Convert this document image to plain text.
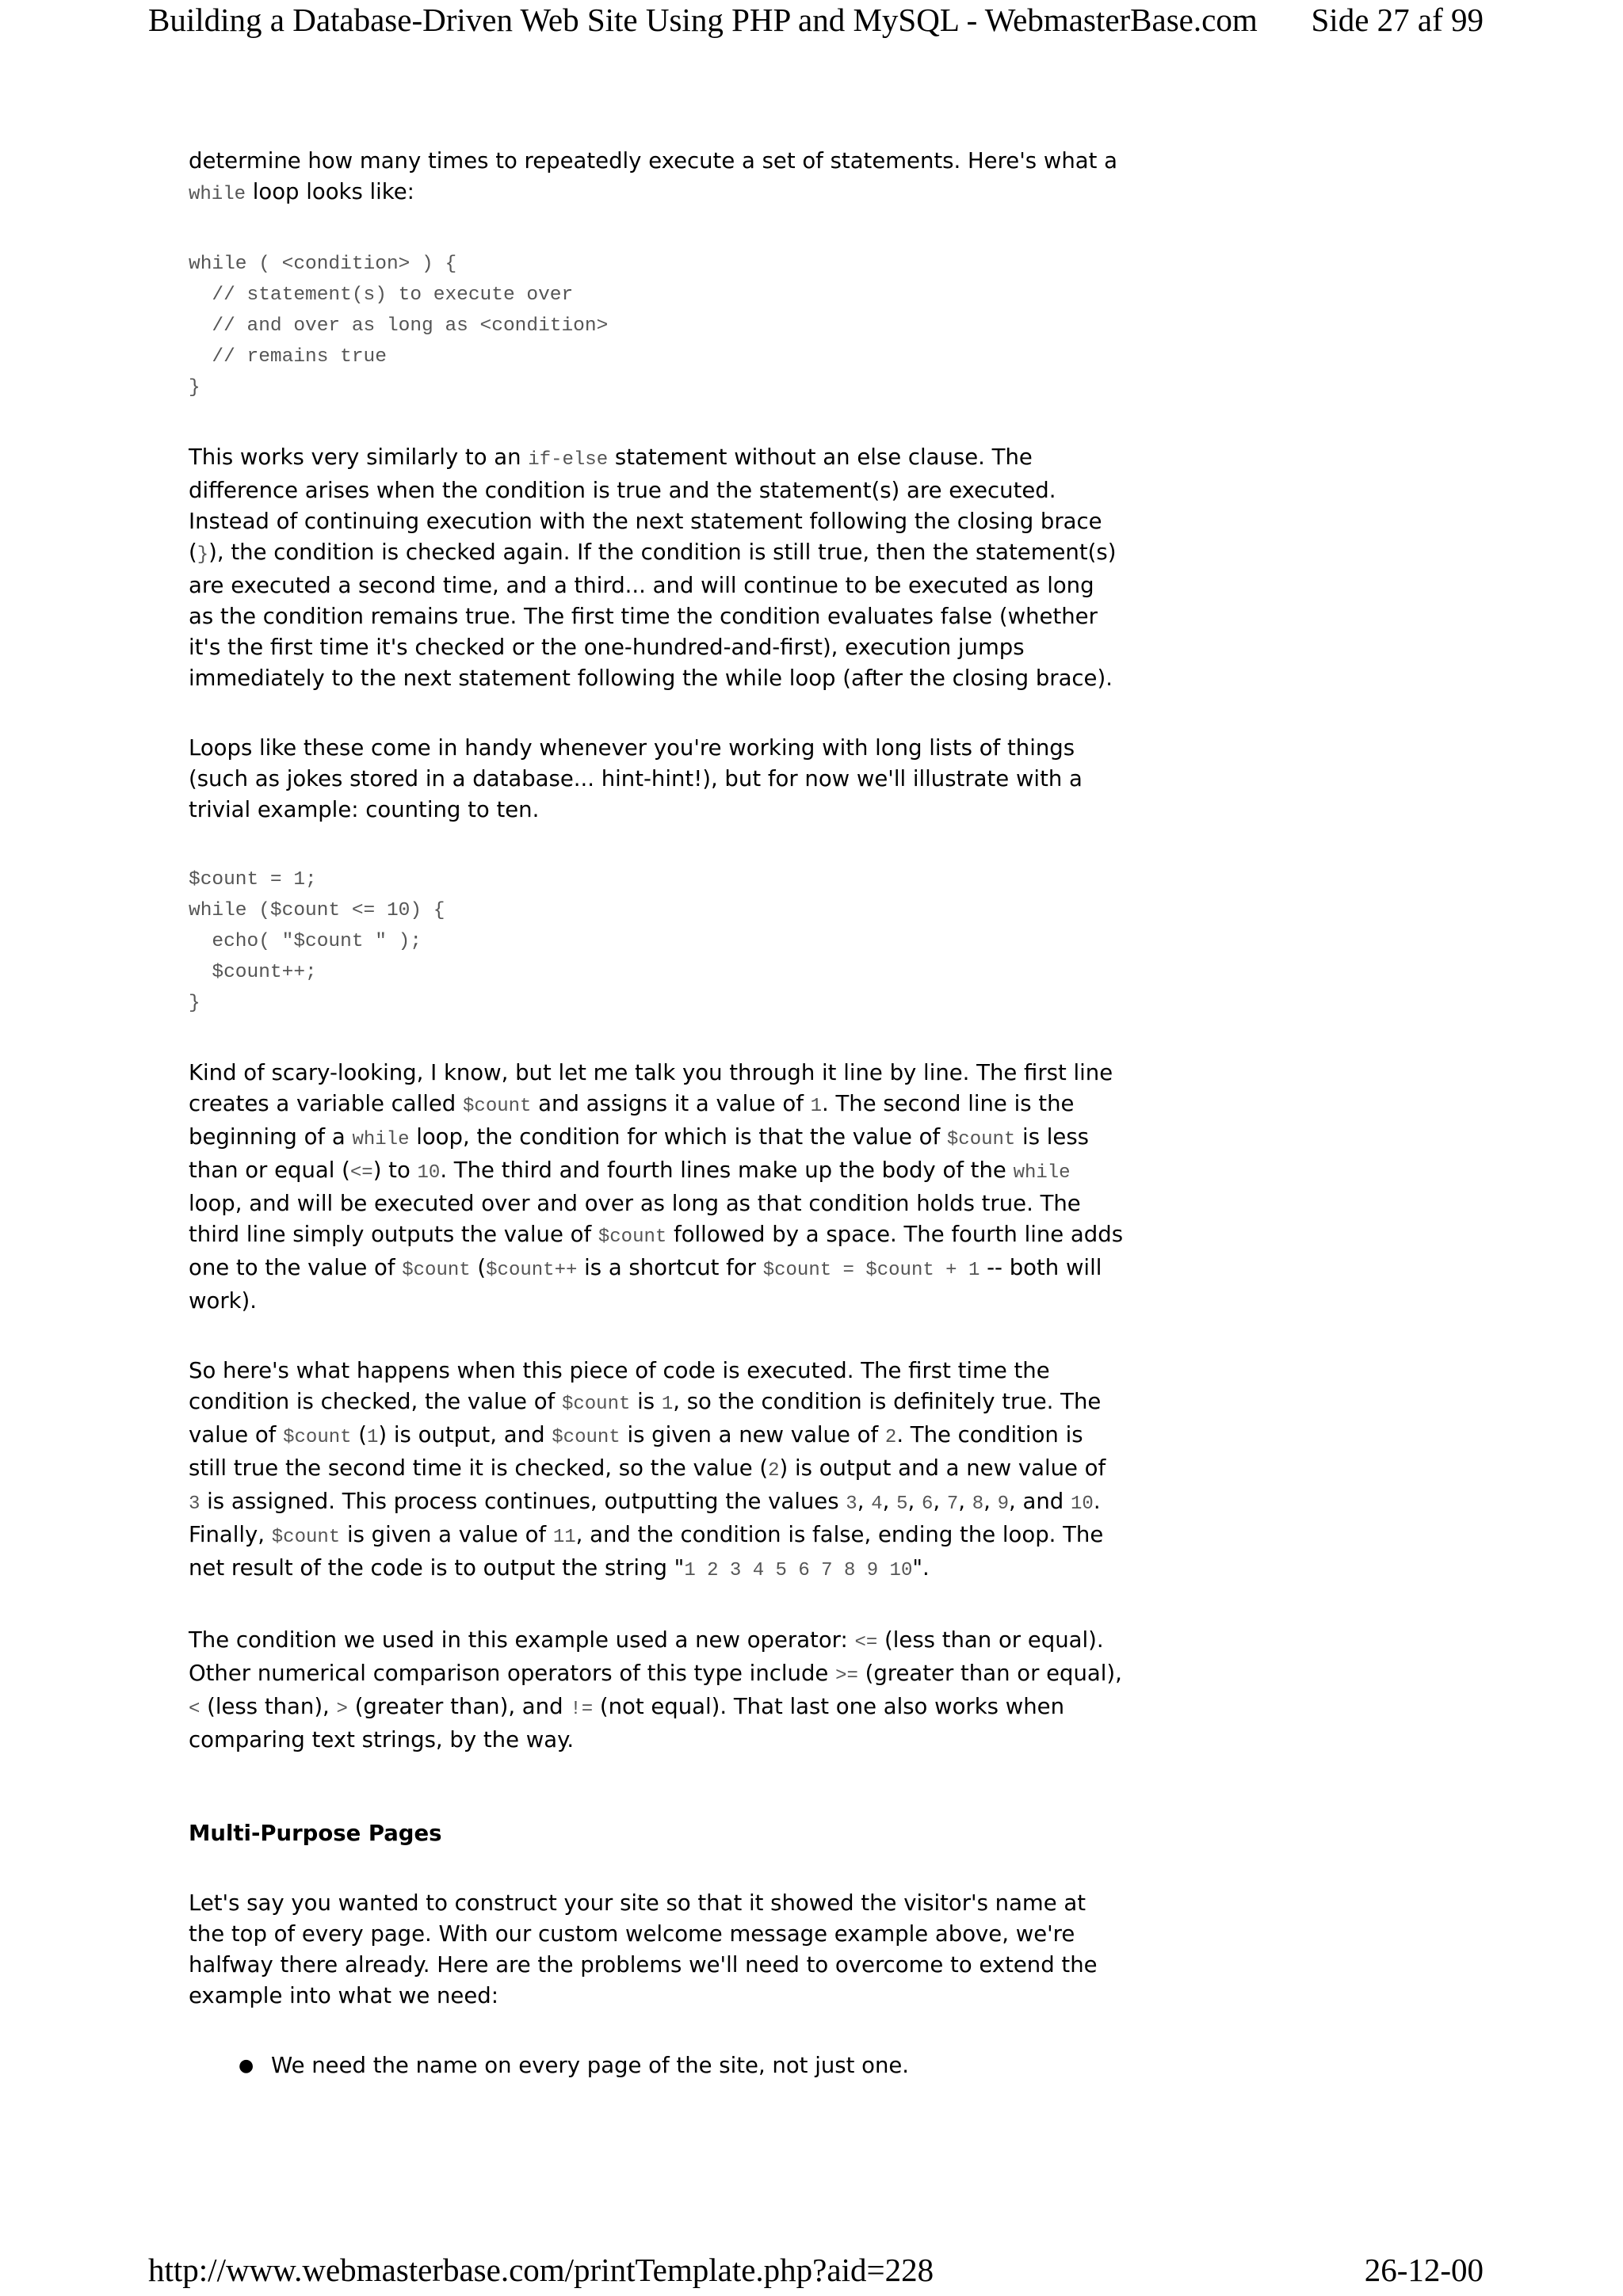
Building a Database-Driven Web Site Using PHP and MySQL - WebmasterBase.com Side 27 af 99

determine how many times to repeatedly execute a set of statements. Here's what a while loop looks like:

while ( <condition> ) {
// statement(s) to execute over
// and over as long as <condition>
// remains true
}

This works very similarly to an if-else statement without an else clause. The difference arises when the condition is true and the statement(s) are executed. Instead of continuing execution with the next statement following the closing brace (}), the condition is checked again. If the condition is still true, then the statement(s) are executed a second time, and a third... and will continue to be executed as long as the condition remains true. The first time the condition evaluates false (whether it's the first time it's checked or the one-hundred-and-first), execution jumps immediately to the next statement following the while loop (after the closing brace).

Loops like these come in handy whenever you're working with long lists of things (such as jokes stored in a database... hint-hint!), but for now we'll illustrate with a trivial example: counting to ten.

$count = 1;
while ($count <= 10) {
echo( "$count " );
$count++;
}

Kind of scary-looking, I know, but let me talk you through it line by line. The first line creates a variable called $count and assigns it a value of 1. The second line is the beginning of a while loop, the condition for which is that the value of $count is less than or equal (<=) to 10. The third and fourth lines make up the body of the while loop, and will be executed over and over as long as that condition holds true. The third line simply outputs the value of $count followed by a space. The fourth line adds one to the value of $count ($count++ is a shortcut for $count = $count + 1 -- both will work).

So here's what happens when this piece of code is executed. The first time the condition is checked, the value of $count is 1, so the condition is definitely true. The value of $count (1) is output, and $count is given a new value of 2. The condition is still true the second time it is checked, so the value (2) is output and a new value of 3 is assigned. This process continues, outputting the values 3, 4, 5, 6, 7, 8, 9, and 10. Finally, $count is given a value of 11, and the condition is false, ending the loop. The net result of the code is to output the string "1 2 3 4 5 6 7 8 9 10".

The condition we used in this example used a new operator: <= (less than or equal). Other numerical comparison operators of this type include >= (greater than or equal), < (less than), > (greater than), and != (not equal). That last one also works when comparing text strings, by the way.

Multi-Purpose Pages

Let's say you wanted to construct your site so that it showed the visitor's name at the top of every page. With our custom welcome message example above, we're halfway there already. Here are the problems we'll need to overcome to extend the example into what we need:

● We need the name on every page of the site, not just one.
http://www.webmasterbase.com/printTemplate.php?aid=228	26-12-00
